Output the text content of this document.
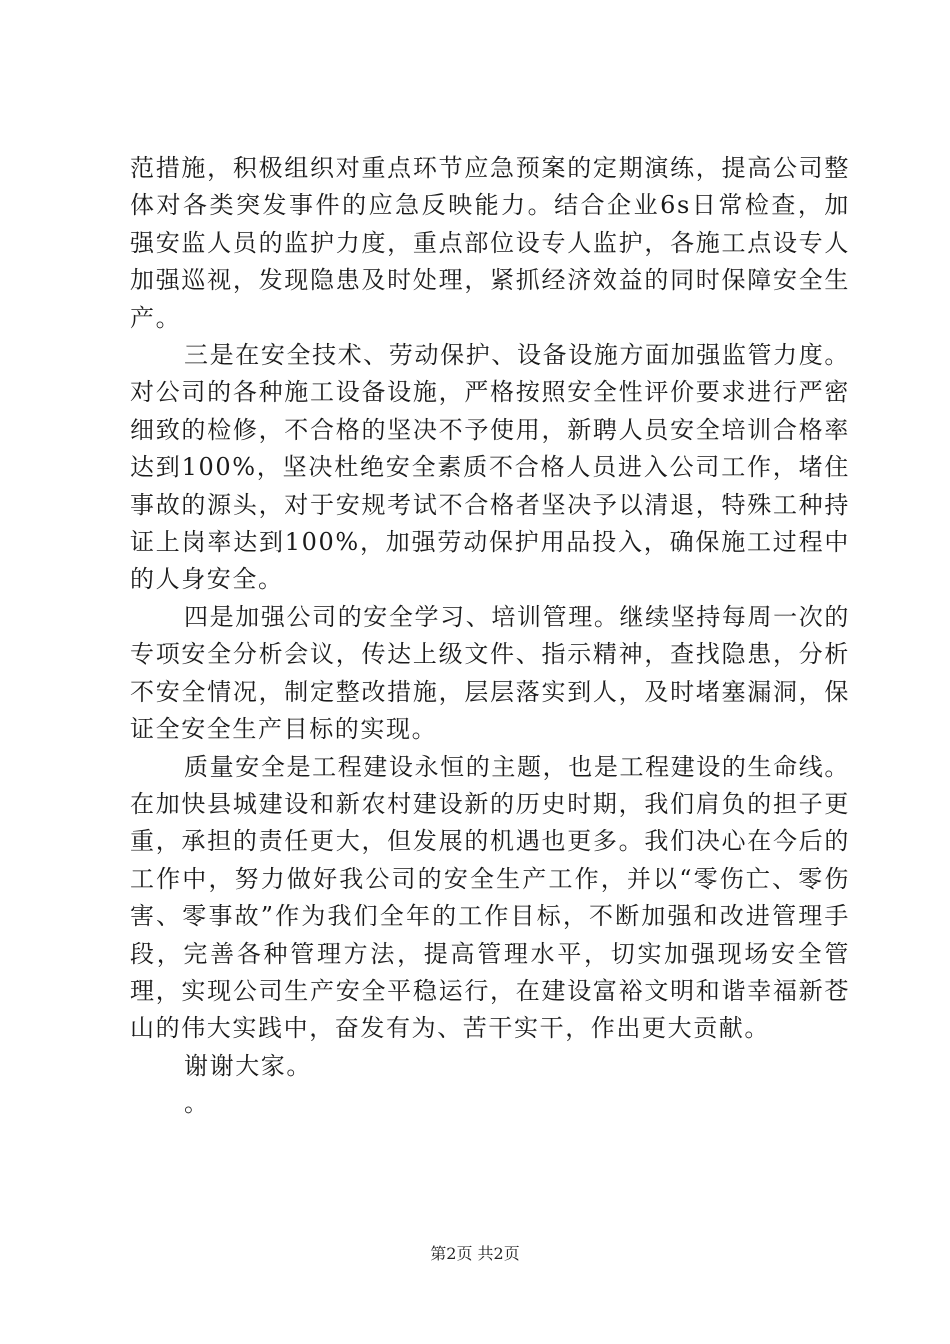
范措施，积极组织对重点环节应急预案的定期演练，提高公司整体对各类突发事件的应急反映能力。结合企业6s日常检查，加强安监人员的监护力度，重点部位设专人监护，各施工点设专人加强巡视，发现隐患及时处理，紧抓经济效益的同时保障安全生产。

三是在安全技术、劳动保护、设备设施方面加强监管力度。对公司的各种施工设备设施，严格按照安全性评价要求进行严密细致的检修，不合格的坚决不予使用，新聘人员安全培训合格率达到100%，坚决杜绝安全素质不合格人员进入公司工作，堵住事故的源头，对于安规考试不合格者坚决予以清退，特殊工种持证上岗率达到100%，加强劳动保护用品投入，确保施工过程中的人身安全。

四是加强公司的安全学习、培训管理。继续坚持每周一次的专项安全分析会议，传达上级文件、指示精神，查找隐患，分析不安全情况，制定整改措施，层层落实到人，及时堵塞漏洞，保证全安全生产目标的实现。

质量安全是工程建设永恒的主题，也是工程建设的生命线。在加快县城建设和新农村建设新的历史时期，我们肩负的担子更重，承担的责任更大，但发展的机遇也更多。我们决心在今后的工作中，努力做好我公司的安全生产工作，并以“零伤亡、零伤害、零事故”作为我们全年的工作目标，不断加强和改进管理手段，完善各种管理方法，提高管理水平，切实加强现场安全管理，实现公司生产安全平稳运行，在建设富裕文明和谐幸福新苍山的伟大实践中，奋发有为、苦干实干，作出更大贡献。

谢谢大家。

。

第2页 共2页
